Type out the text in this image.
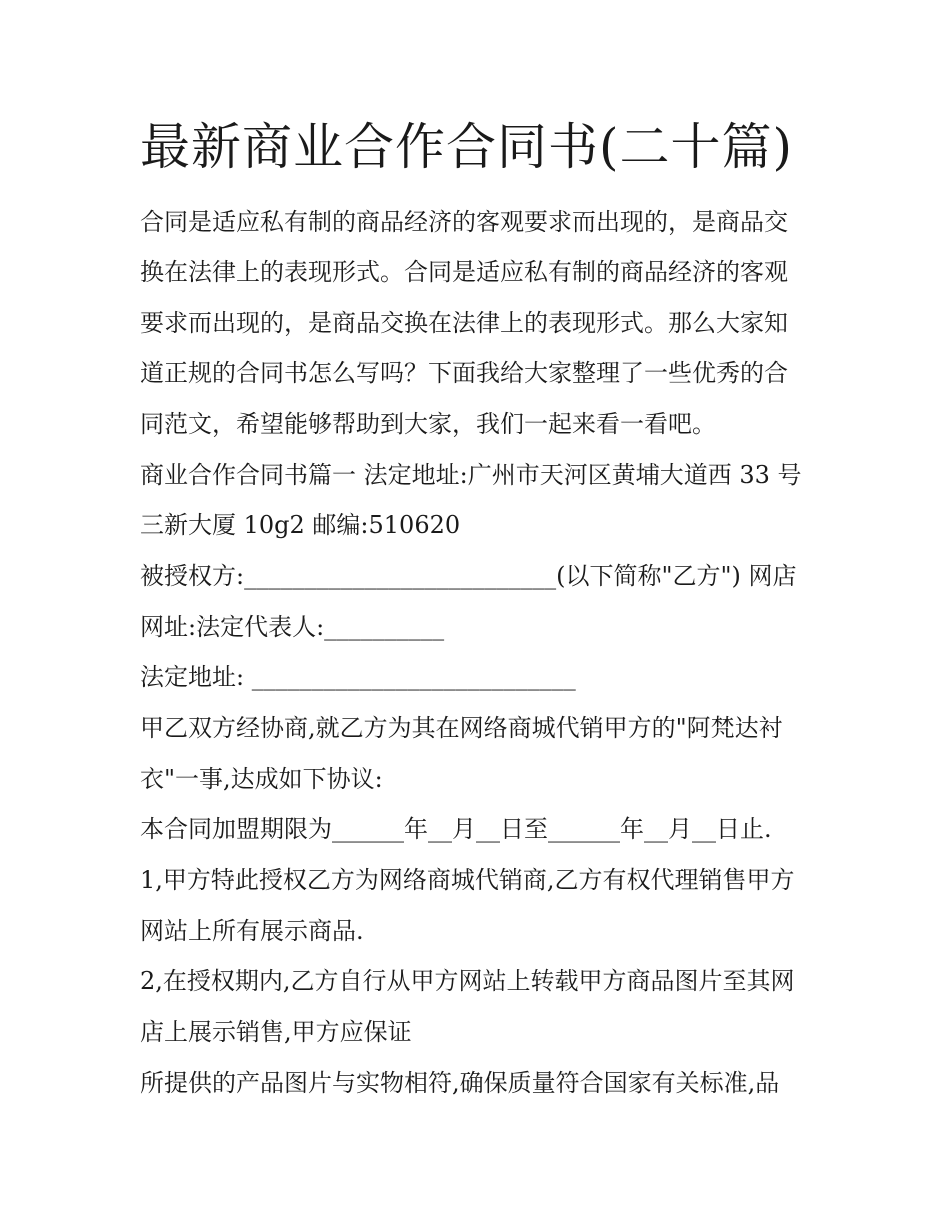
最新商业合作合同书(二十篇)
合同是适应私有制的商品经济的客观要求而出现的，是商品交
换在法律上的表现形式。合同是适应私有制的商品经济的客观
要求而出现的，是商品交换在法律上的表现形式。那么大家知
道正规的合同书怎么写吗？下面我给大家整理了一些优秀的合
同范文，希望能够帮助到大家，我们一起来看一看吧。
商业合作合同书篇一 法定地址:广州市天河区黄埔大道西 33 号
三新大厦 10g2 邮编:510620
被授权方:__________________________(以下简称"乙方") 网店
网址:法定代表人:__________
法定地址: ___________________________
甲乙双方经协商,就乙方为其在网络商城代销甲方的"阿梵达衬
衣"一事,达成如下协议:
本合同加盟期限为______年__月__日至______年__月__日止.
1,甲方特此授权乙方为网络商城代销商,乙方有权代理销售甲方
网站上所有展示商品.
2,在授权期内,乙方自行从甲方网站上转载甲方商品图片至其网
店上展示销售,甲方应保证
所提供的产品图片与实物相符,确保质量符合国家有关标准,品
